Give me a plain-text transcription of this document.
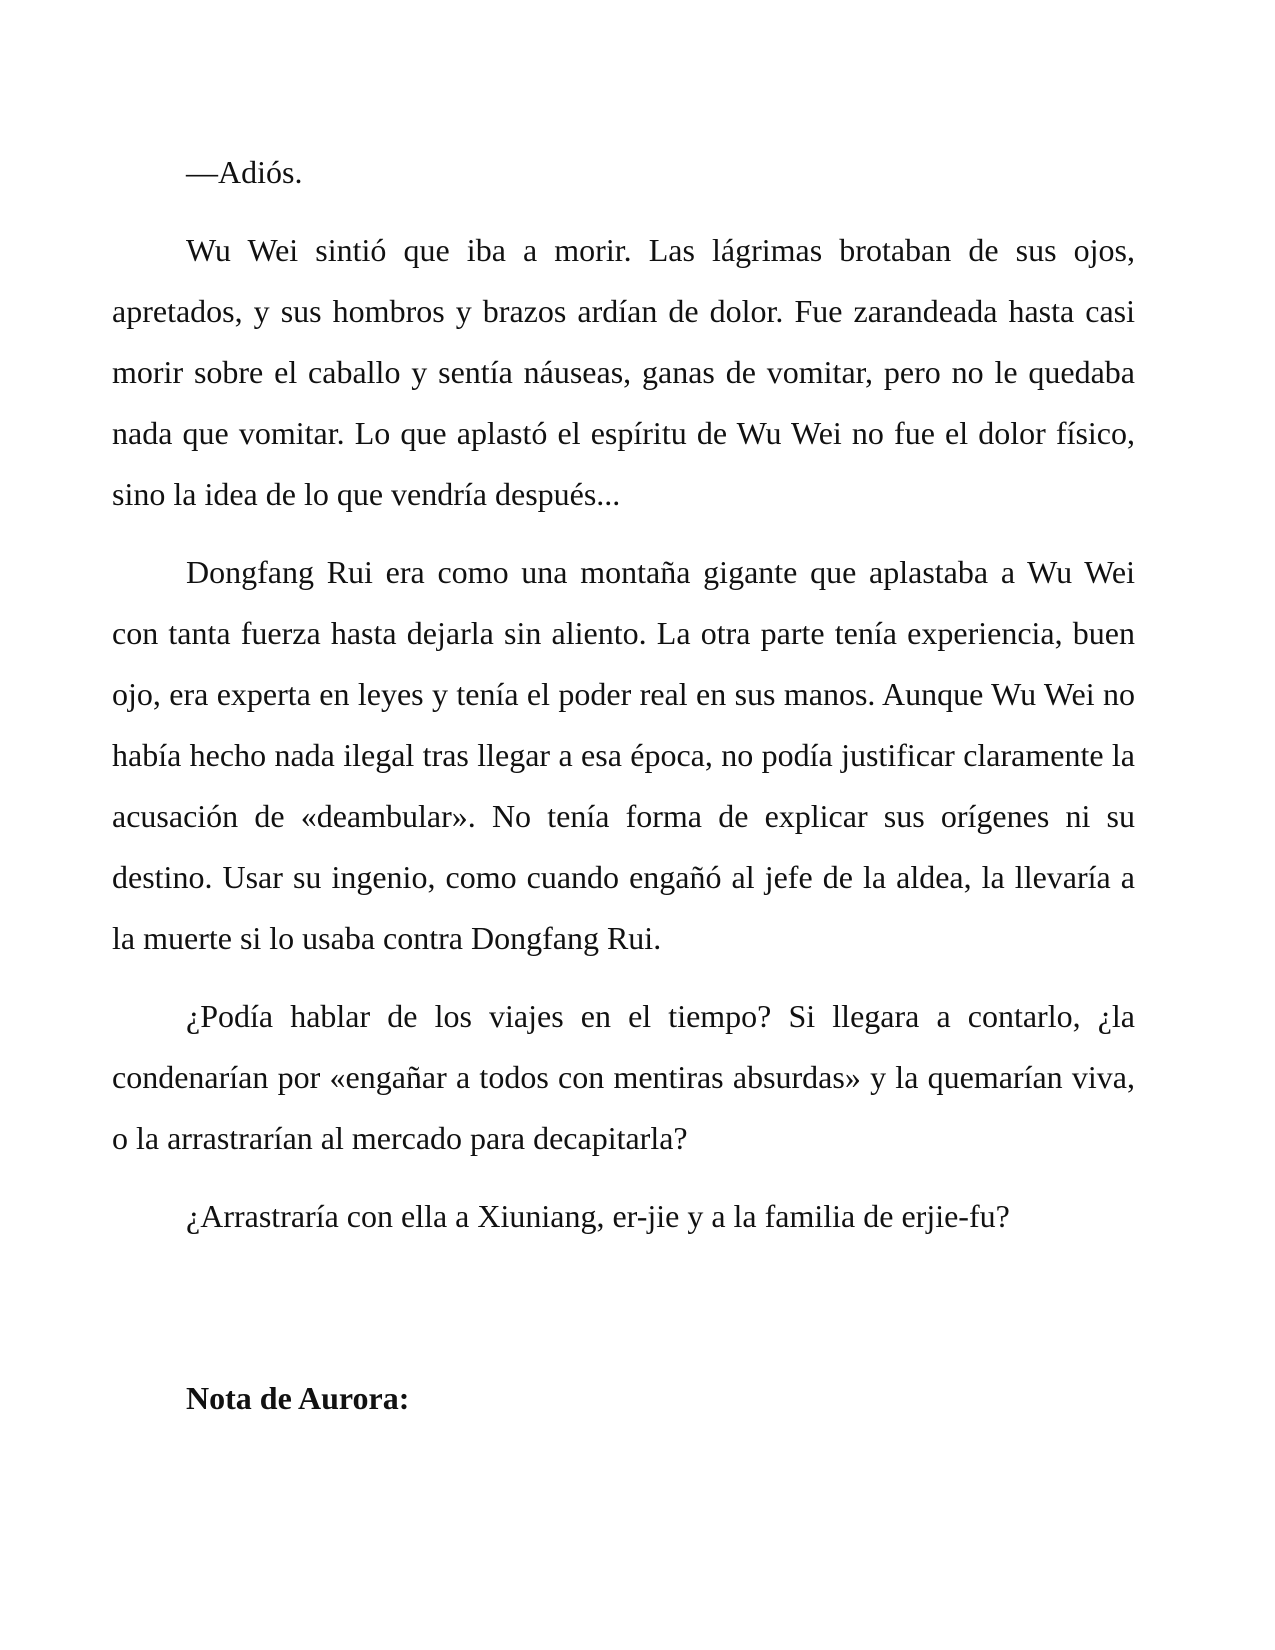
—Adiós.

Wu Wei sintió que iba a morir. Las lágrimas brotaban de sus ojos, apretados, y sus hombros y brazos ardían de dolor. Fue zarandeada hasta casi morir sobre el caballo y sentía náuseas, ganas de vomitar, pero no le quedaba nada que vomitar. Lo que aplastó el espíritu de Wu Wei no fue el dolor físico, sino la idea de lo que vendría después...

Dongfang Rui era como una montaña gigante que aplastaba a Wu Wei con tanta fuerza hasta dejarla sin aliento. La otra parte tenía experiencia, buen ojo, era experta en leyes y tenía el poder real en sus manos. Aunque Wu Wei no había hecho nada ilegal tras llegar a esa época, no podía justificar claramente la acusación de «deambular». No tenía forma de explicar sus orígenes ni su destino. Usar su ingenio, como cuando engañó al jefe de la aldea, la llevaría a la muerte si lo usaba contra Dongfang Rui.

¿Podía hablar de los viajes en el tiempo? Si llegara a contarlo, ¿la condenarían por «engañar a todos con mentiras absurdas» y la quemarían viva, o la arrastrarían al mercado para decapitarla?

¿Arrastraría con ella a Xiuniang, er-jie y a la familia de erjie-fu?

Nota de Aurora:
